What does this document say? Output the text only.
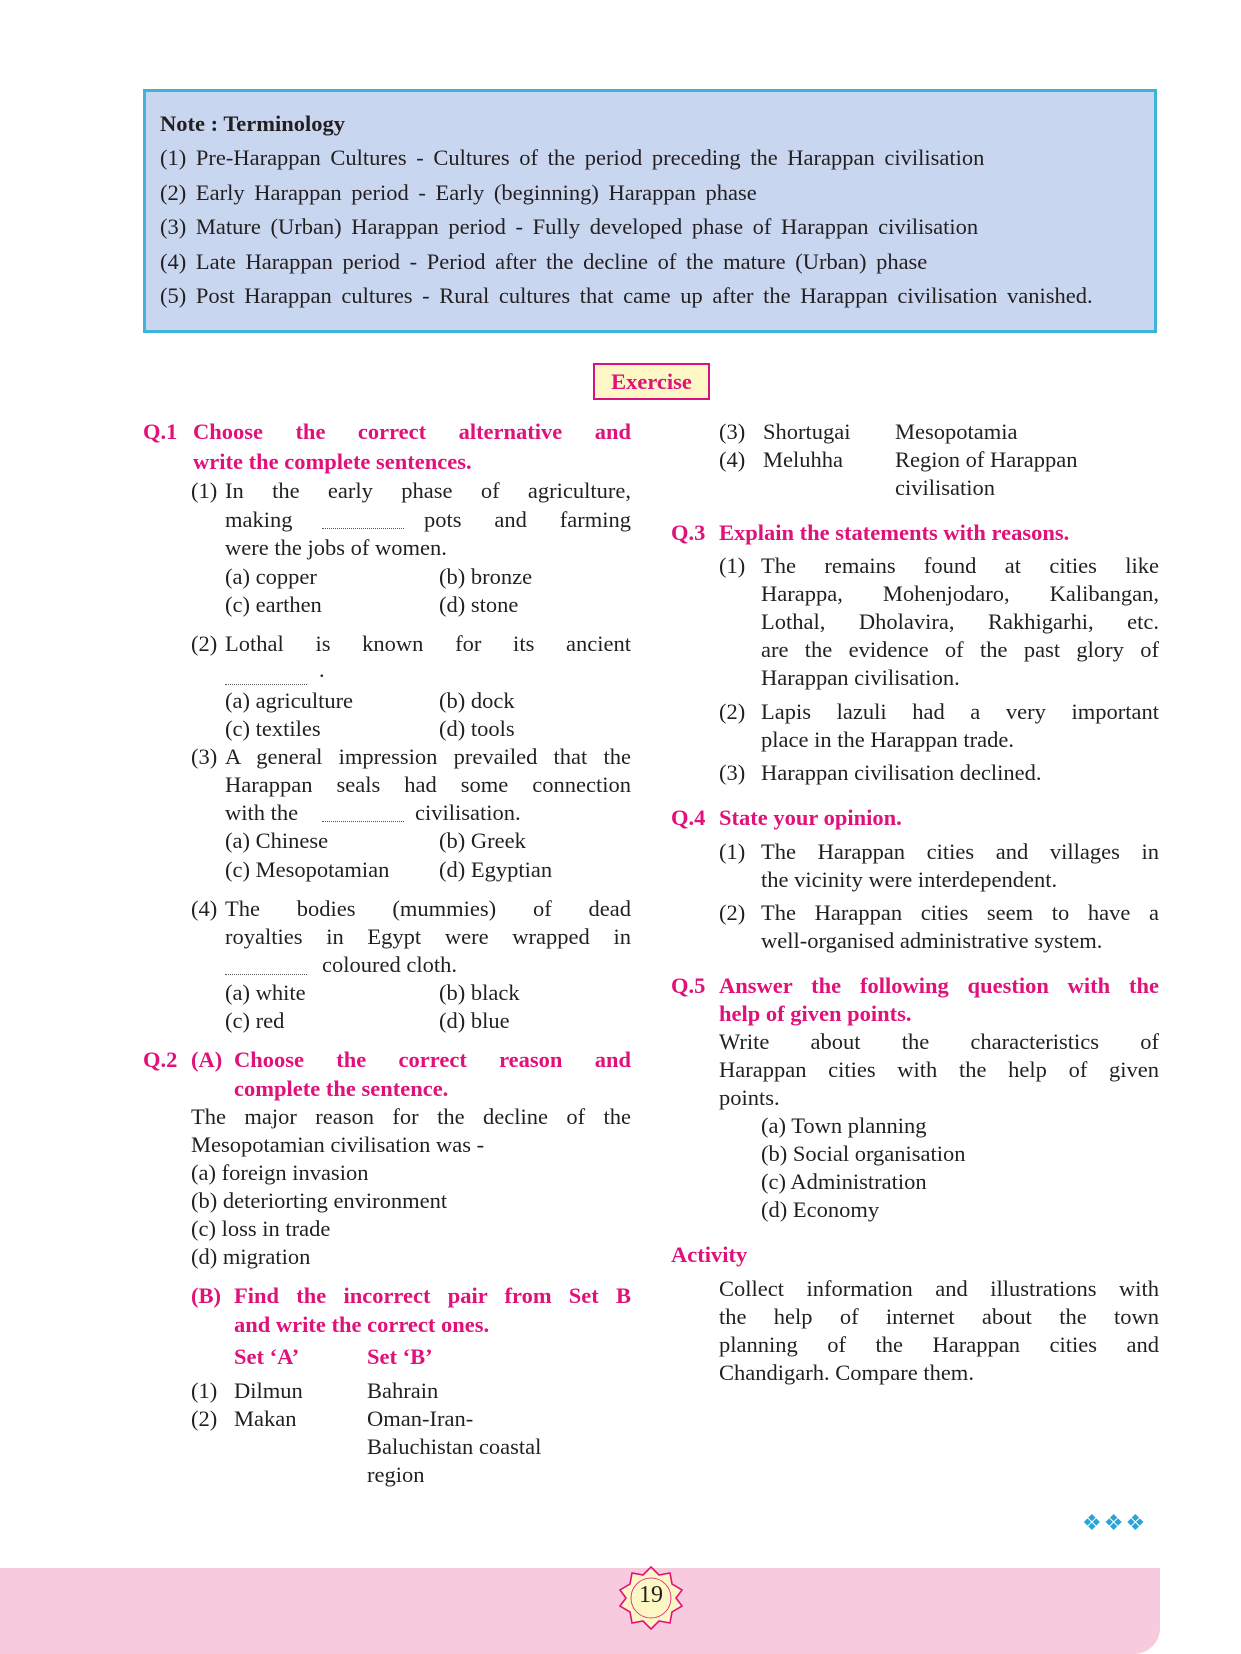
Note : Terminology
(1) Pre-Harappan Cultures - Cultures of the period preceding the Harappan civilisation
(2) Early Harappan period - Early (beginning) Harappan phase
(3) Mature (Urban) Harappan period - Fully developed phase of Harappan civilisation
(4) Late Harappan period - Period after the decline of the mature (Urban) phase
(5) Post Harappan cultures - Rural cultures that came up after the Harappan civilisation vanished.
Exercise
Q.1 Choose the correct alternative and
write the complete sentences.
(1) In the early phase of agriculture,
making	pots and farming
were the jobs of women.
(a) copper	(b) bronze
(c) earthen	(d) stone
(2) Lothal is known for its ancient
.
(a) agriculture	(b) dock
(c) textiles	(d) tools
(3) A general impression prevailed that the
Harappan seals had some connection
with the	civilisation.
(a) Chinese	(b) Greek
(c) Mesopotamian (d) Egyptian
(4) The bodies (mummies) of dead
royalties in Egypt were wrapped in
coloured cloth.
(a) white	(b) black
(c) red	(d) blue
Q.2 (A) Choose the correct reason and
complete the sentence.
The major reason for the decline of the
Mesopotamian civilisation was -
(a) foreign invasion
(b) deteriorting environment
(c) loss in trade
(d) migration
(B) Find the incorrect pair from Set B
and write the correct ones.
Set ‘A’	Set ‘B’
(1) Dilmun	Bahrain
(2) Makan	Oman-Iran-
Baluchistan coastal
region
(3) Shortugai Mesopotamia
(4) Meluhha Region of Harappan
civilisation
Q.3 Explain the statements with reasons.
(1) The remains found at cities like
Harappa, Mohenjodaro, Kalibangan,
Lothal, Dholavira, Rakhigarhi, etc.
are the evidence of the past glory of
Harappan civilisation.
(2) Lapis lazuli had a very important
place in the Harappan trade.
(3) Harappan civilisation declined.
Q.4 State your opinion.
(1) The Harappan cities and villages in
the vicinity were interdependent.
(2) The Harappan cities seem to have a
well-organised administrative system.
Q.5 Answer the following question with the
help of given points.
Write about the characteristics of
Harappan cities with the help of given
points.
(a) Town planning
(b) Social organisation
(c) Administration
(d) Economy
Activity
Collect information and illustrations with
the help of internet about the town
planning of the Harappan cities and
Chandigarh. Compare them.
❖❖❖
19
